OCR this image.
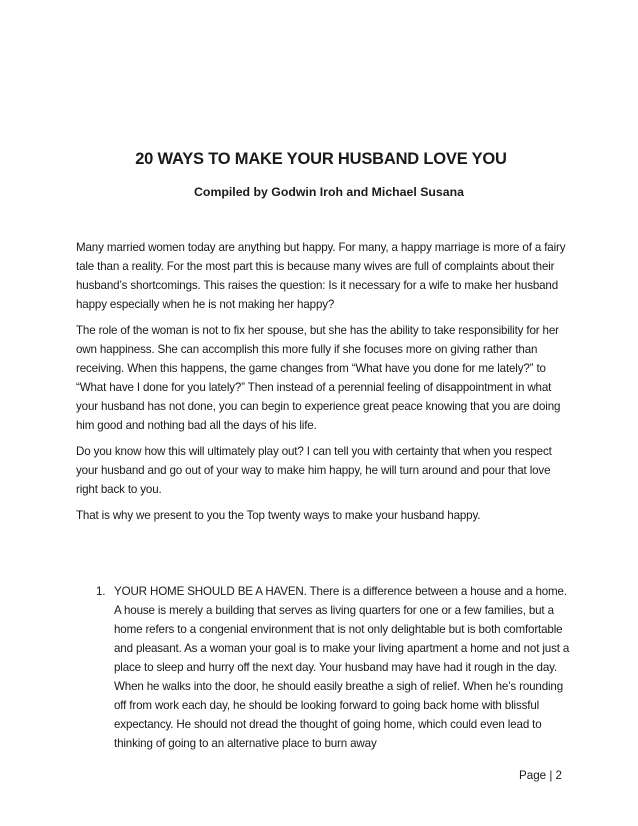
20 WAYS TO MAKE YOUR HUSBAND LOVE YOU
Compiled by Godwin Iroh and Michael Susana

Many married women today are anything but happy. For many, a happy marriage is more of a fairy tale than a reality. For the most part this is because many wives are full of complaints about their husband’s shortcomings. This raises the question: Is it necessary for a wife to make her husband happy especially when he is not making her happy?

The role of the woman is not to fix her spouse, but she has the ability to take responsibility for her own happiness. She can accomplish this more fully if she focuses more on giving rather than receiving. When this happens, the game changes from “What have you done for me lately?” to “What have I done for you lately?” Then instead of a perennial feeling of disappointment in what your husband has not done, you can begin to experience great peace knowing that you are doing him good and nothing bad all the days of his life.

Do you know how this will ultimately play out? I can tell you with certainty that when you respect your husband and go out of your way to make him happy, he will turn around and pour that love right back to you.

That is why we present to you the Top twenty ways to make your husband happy.

1. YOUR HOME SHOULD BE A HAVEN. There is a difference between a house and a home. A house is merely a building that serves as living quarters for one or a few families, but a home refers to a congenial environment that is not only delightable but is both comfortable and pleasant. As a woman your goal is to make your living apartment a home and not just a place to sleep and hurry off the next day. Your husband may have had it rough in the day. When he walks into the door, he should easily breathe a sigh of relief. When he’s rounding off from work each day, he should be looking forward to going back home with blissful expectancy. He should not dread the thought of going home, which could even lead to thinking of going to an alternative place to burn away
Page | 2
